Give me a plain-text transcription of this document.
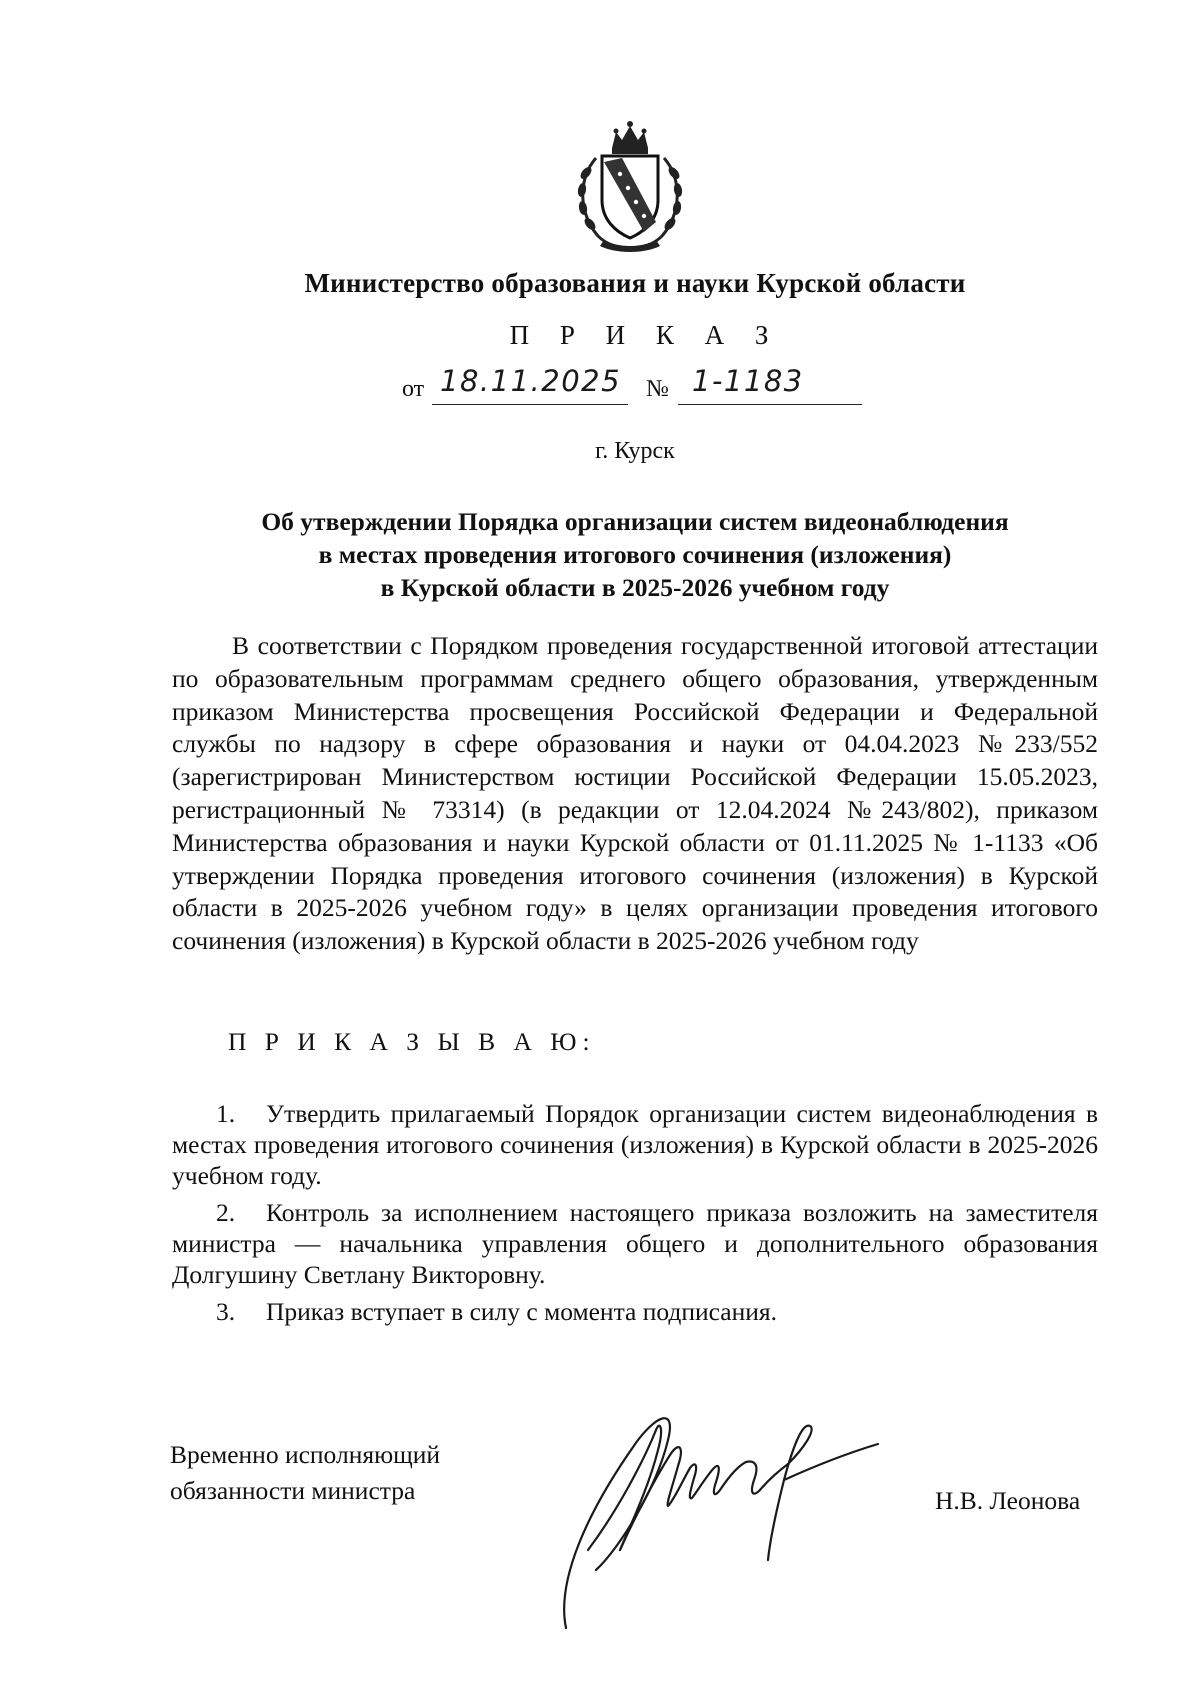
Министерство образования и науки Курской области
П Р И К А З
от 18.11.2025 № 1-1183
г. Курск
Об утверждении Порядка организации систем видеонаблюдения
в местах проведения итогового сочинения (изложения)
в Курской области в 2025-2026 учебном году
В соответствии с Порядком проведения государственной итоговой аттестации по образовательным программам среднего общего образования, утвержденным приказом Министерства просвещения Российской Федерации и Федеральной службы по надзору в сфере образования и науки от 04.04.2023 №233/552 (зарегистрирован Министерством юстиции Российской Федерации 15.05.2023, регистрационный № 73314) (в редакции от 12.04.2024 №243/802), приказом Министерства образования и науки Курской области от 01.11.2025 № 1-1133 «Об утверждении Порядка проведения итогового сочинения (изложения) в Курской области в 2025-2026 учебном году» в целях организации проведения итогового сочинения (изложения) в Курской области в 2025-2026 учебном году
П Р И К А З Ы В А Ю:

1. Утвердить прилагаемый Порядок организации систем видеонаблюдения в местах проведения итогового сочинения (изложения) в Курской области в 2025-2026 учебном году.

2. Контроль за исполнением настоящего приказа возложить на заместителя министра — начальника управления общего и дополнительного образования Долгушину Светлану Викторовну.

3. Приказ вступает в силу с момента подписания.

Временно исполняющий
обязанности министра	Н.В. Леонова
